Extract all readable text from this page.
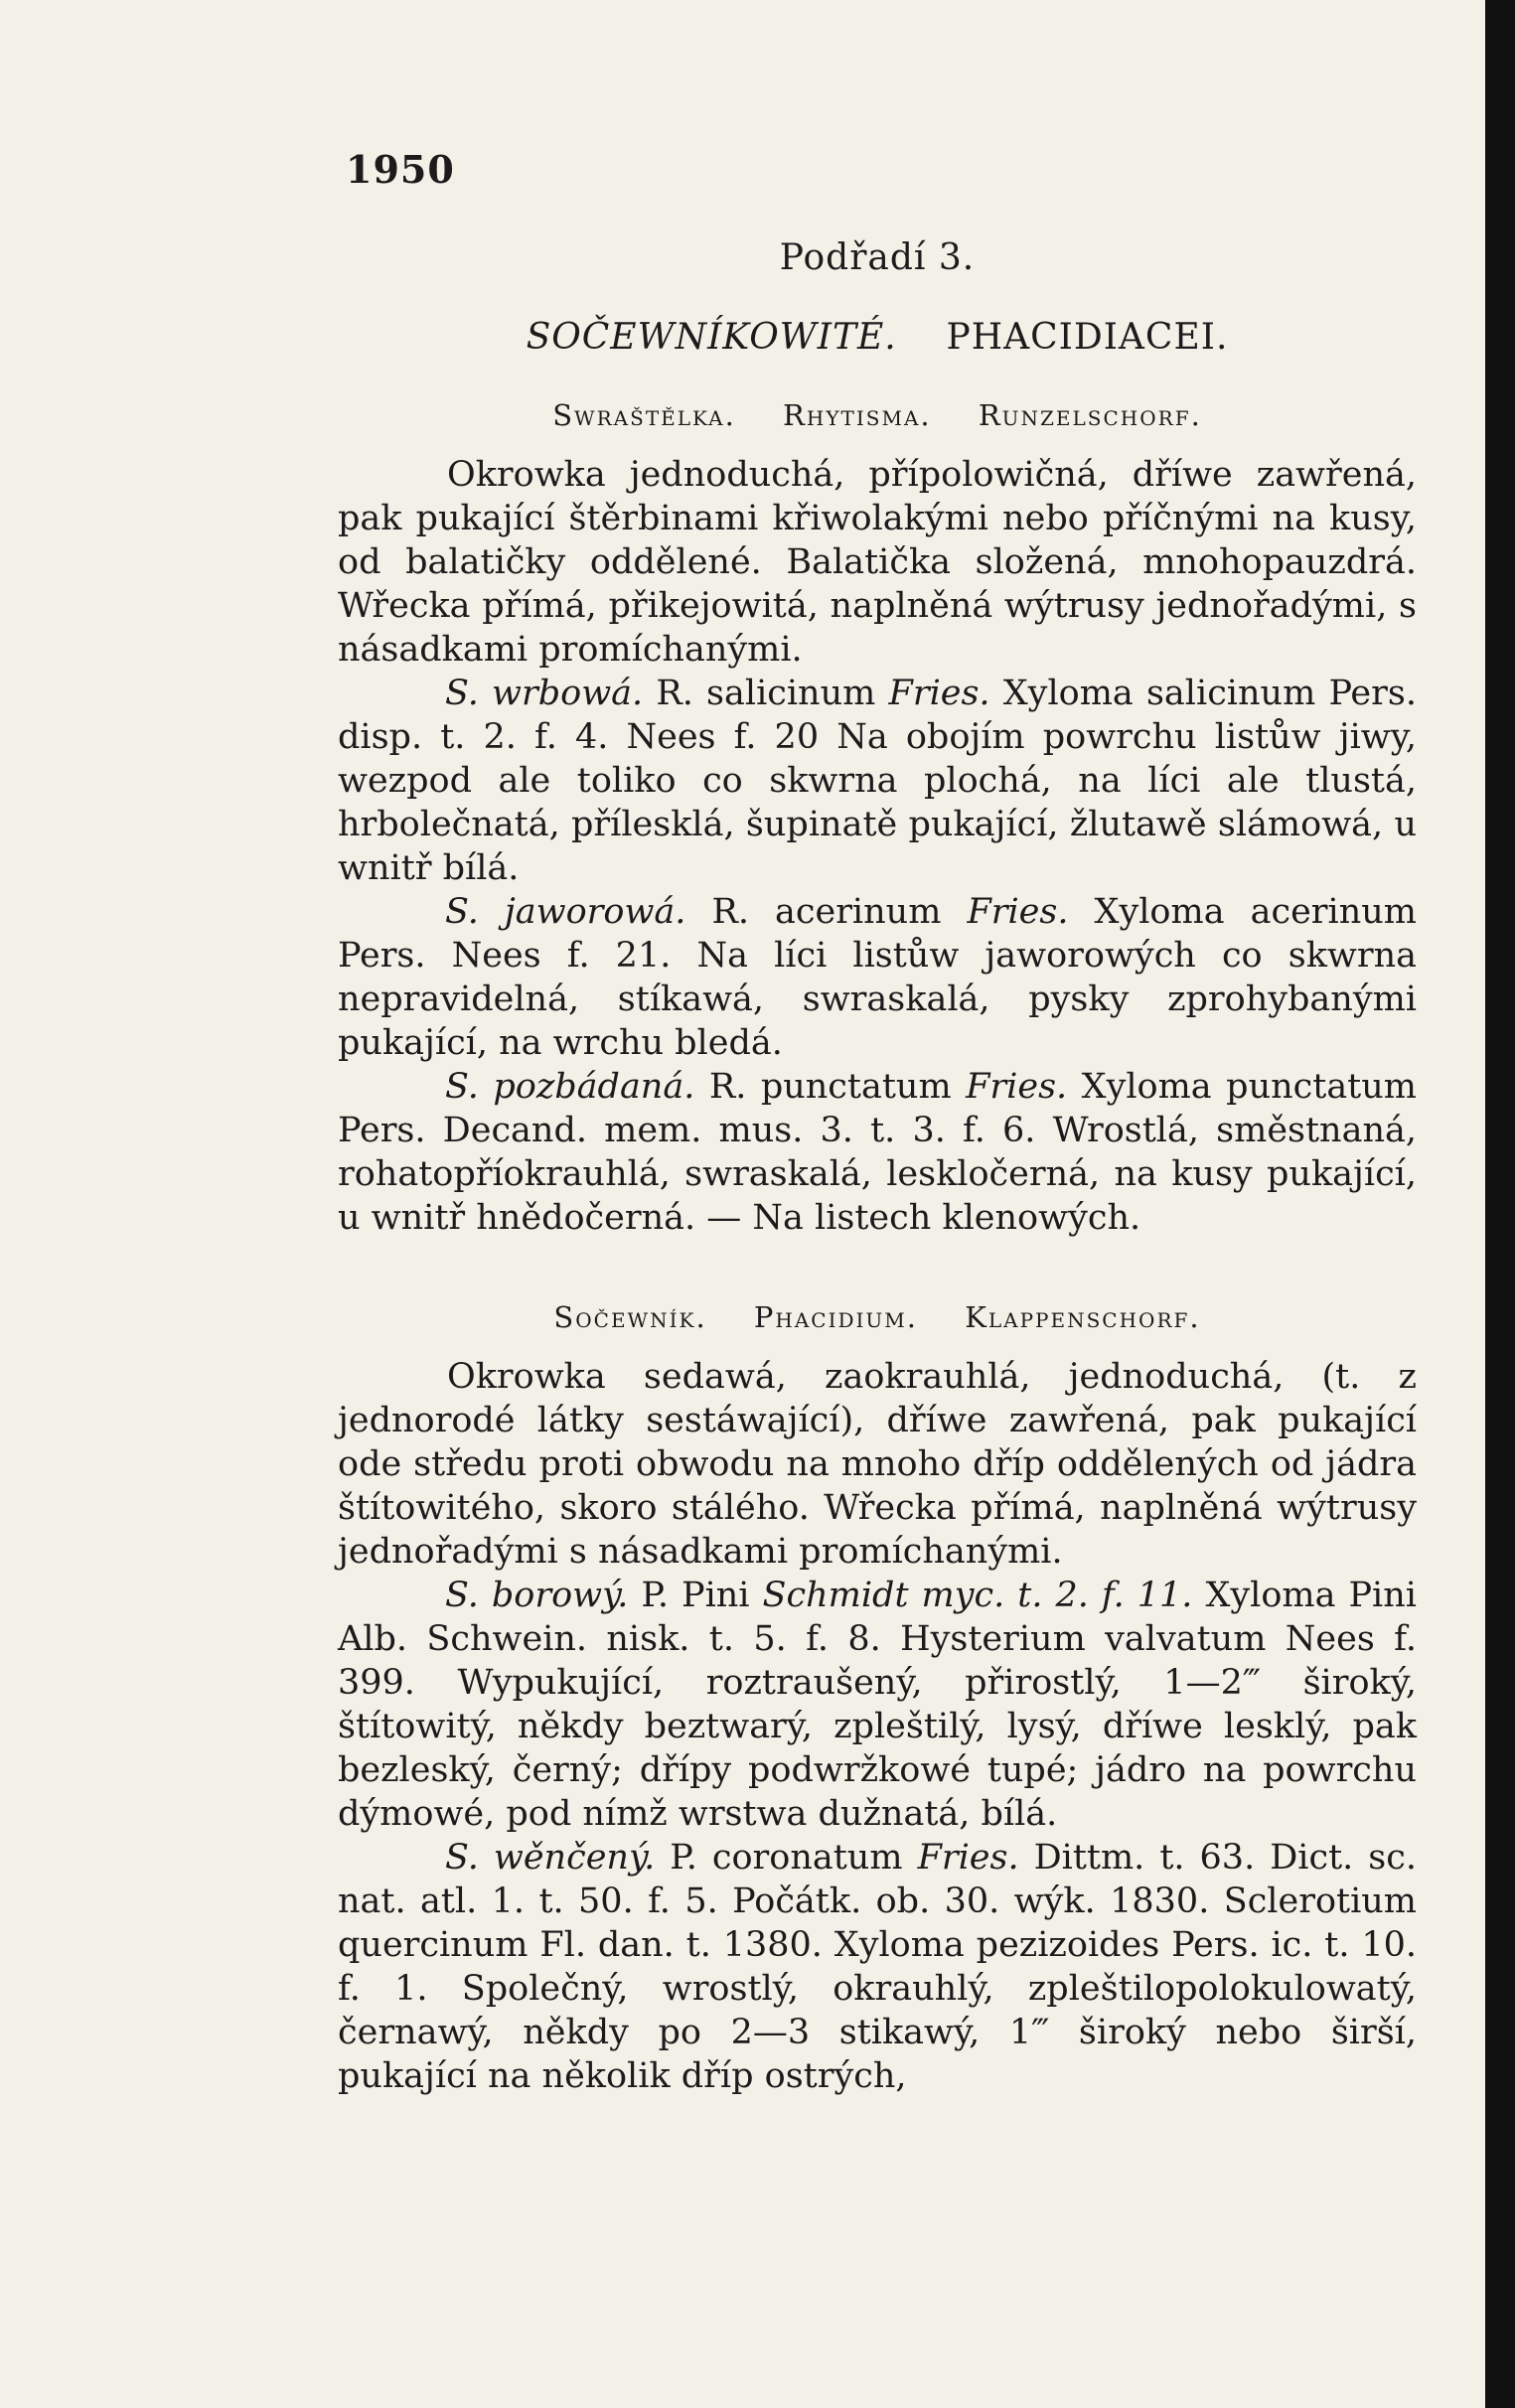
1950
Podřadí 3.
SOČEWNÍKOWITÉ. PHACIDIACEI.
Swraštělka. Rhytisma. Runzelschorf.

Okrowka jednoduchá, přípolowičná, dříwe zawřená, pak pukající štěrbinami křiwolakými nebo příčnými na kusy, od balatičky oddělené. Balatička složená, mnohopauzdrá. Wřecka přímá, přikejowitá, naplněná wýtrusy jednořadými, s násadkami promíchanými.

S. wrbowá. R. salicinum Fries. Xyloma salicinum Pers. disp. t. 2. f. 4. Nees f. 20 Na obojím powrchu listůw jiwy, wezpod ale toliko co skwrna plochá, na líci ale tlustá, hrbolečnatá, přílesklá, šupinatě pukající, žlutawě slámowá, u wnitř bílá.

S. jaworowá. R. acerinum Fries. Xyloma acerinum Pers. Nees f. 21. Na líci listůw jaworowých co skwrna nepravidelná, stíkawá, swraskalá, pysky zprohybanými pukající, na wrchu bledá.

S. pozbádaná. R. punctatum Fries. Xyloma punctatum Pers. Decand. mem. mus. 3. t. 3. f. 6. Wrostlá, směstnaná, rohatopříokrauhlá, swraskalá, leskločerná, na kusy pukající, u wnitř hnědočerná. — Na listech klenowých.

Sočewník. Phacidium. Klappenschorf.

Okrowka sedawá, zaokrauhlá, jednoduchá, (t. z jednorodé látky sestáwající), dříwe zawřená, pak pukající ode středu proti obwodu na mnoho dříp oddělených od jádra štítowitého, skoro stálého. Wřecka přímá, naplněná wýtrusy jednořadými s násadkami promíchanými.

S. borowý. P. Pini Schmidt myc. t. 2. f. 11. Xyloma Pini Alb. Schwein. nisk. t. 5. f. 8. Hysterium valvatum Nees f. 399. Wypukující, roztraušený, přirostlý, 1—2‴ široký, štítowitý, někdy beztwarý, zpleštilý, lysý, dříwe lesklý, pak bezleský, černý; dřípy podwržkowé tupé; jádro na powrchu dýmowé, pod nímž wrstwa dužnatá, bílá.

S. wěnčený. P. coronatum Fries. Dittm. t. 63. Dict. sc. nat. atl. 1. t. 50. f. 5. Počátk. ob. 30. wýk. 1830. Sclerotium quercinum Fl. dan. t. 1380. Xyloma pezizoides Pers. ic. t. 10. f. 1. Společný, wrostlý, okrauhlý, zpleštilopolokulowatý, černawý, někdy po 2—3 stikawý, 1‴ široký nebo širší, pukající na několik dříp ostrých,
